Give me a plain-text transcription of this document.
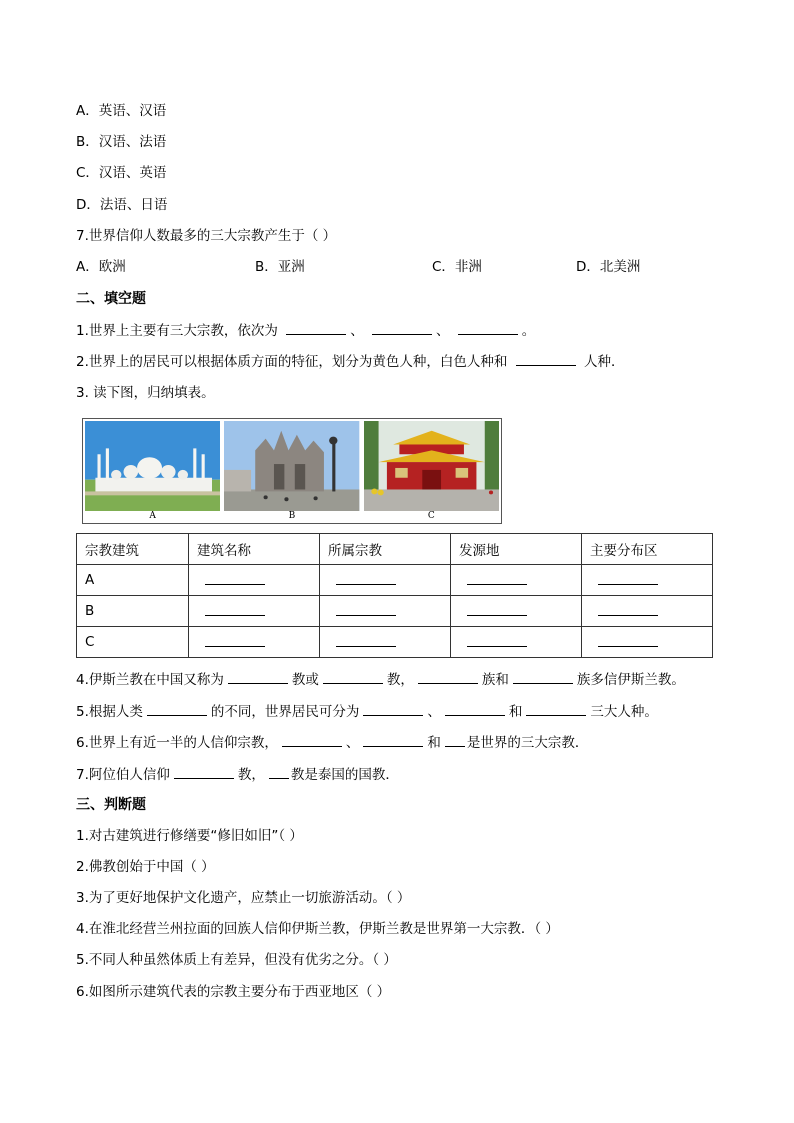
A．英语、汉语
B．汉语、法语
C．汉语、英语
D．法语、日语
7.世界信仰人数最多的三大宗教产生于（ ）
A．欧洲	B．亚洲	C．非洲	D．北美洲
二、填空题
1.世界上主要有三大宗教，依次为	、	、	。
2.世界上的居民可以根据体质方面的特征，划分为黄色人种，白色人种和	人种．
3. 读下图，归纳填表。
A	B	C
宗教建筑	建筑名称	所属宗教	发源地	主要分布区
A				
B				
C				
4.伊斯兰教在中国又称为	教或	教，	族和	族多信伊斯兰教。
5.根据人类	的不同，世界居民可分为	、	和	三大人种。
6.世界上有近一半的人信仰宗教，	、	和 是世界的三大宗教．
7.阿位伯人信仰	教， 教是泰国的国教．
三、判断题
1.对古建筑进行修缮要“修旧如旧”（ ）
2.佛教创始于中国（ ）
3.为了更好地保护文化遗产，应禁止一切旅游活动。（ ）
4.在淮北经营兰州拉面的回族人信仰伊斯兰教，伊斯兰教是世界第一大宗教．（ ）
5.不同人种虽然体质上有差异，但没有优劣之分。（ ）
6.如图所示建筑代表的宗教主要分布于西亚地区（ ）
